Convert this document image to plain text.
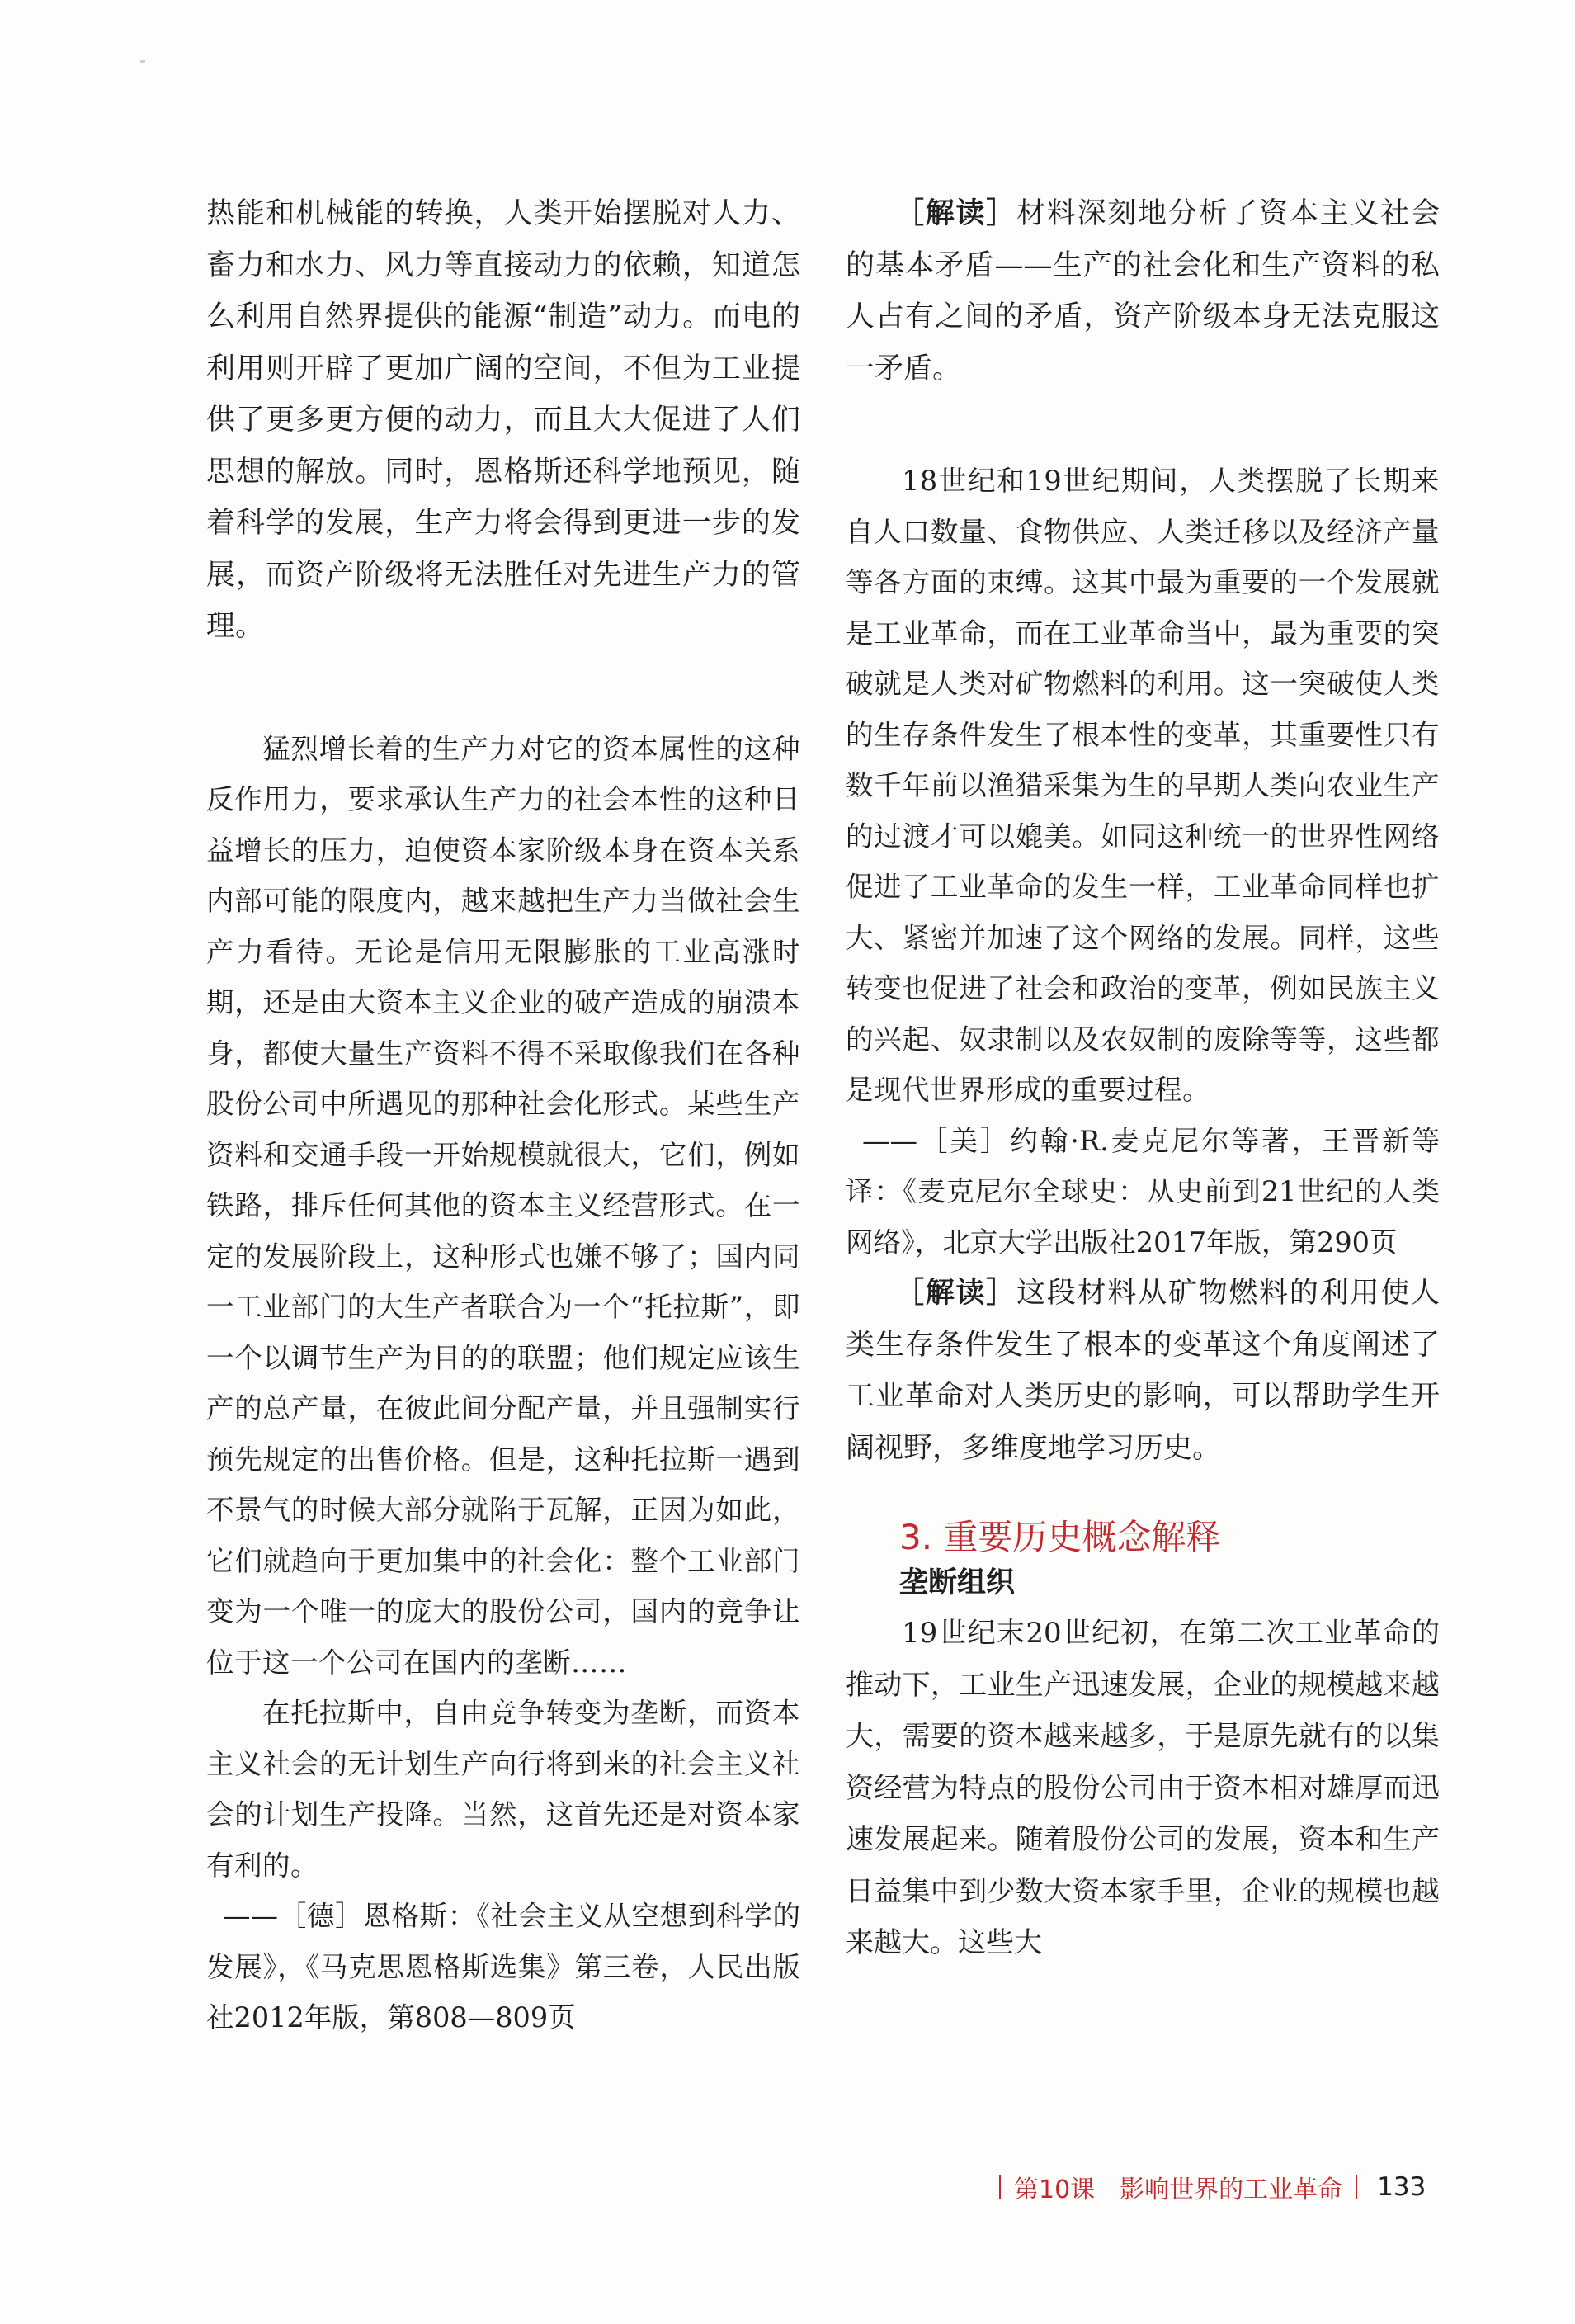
热能和机械能的转换，人类开始摆脱对人力、畜力和水力、风力等直接动力的依赖，知道怎么利用自然界提供的能源“制造”动力。而电的利用则开辟了更加广阔的空间，不但为工业提供了更多更方便的动力，而且大大促进了人们思想的解放。同时，恩格斯还科学地预见，随着科学的发展，生产力将会得到更进一步的发展，而资产阶级将无法胜任对先进生产力的管理。

猛烈增长着的生产力对它的资本属性的这种反作用力，要求承认生产力的社会本性的这种日益增长的压力，迫使资本家阶级本身在资本关系内部可能的限度内，越来越把生产力当做社会生产力看待。无论是信用无限膨胀的工业高涨时期，还是由大资本主义企业的破产造成的崩溃本身，都使大量生产资料不得不采取像我们在各种股份公司中所遇见的那种社会化形式。某些生产资料和交通手段一开始规模就很大，它们，例如铁路，排斥任何其他的资本主义经营形式。在一定的发展阶段上，这种形式也嫌不够了；国内同一工业部门的大生产者联合为一个“托拉斯”，即一个以调节生产为目的的联盟；他们规定应该生产的总产量，在彼此间分配产量，并且强制实行预先规定的出售价格。但是，这种托拉斯一遇到不景气的时候大部分就陷于瓦解，正因为如此，它们就趋向于更加集中的社会化：整个工业部门变为一个唯一的庞大的股份公司，国内的竞争让位于这一个公司在国内的垄断……

在托拉斯中，自由竞争转变为垄断，而资本主义社会的无计划生产向行将到来的社会主义社会的计划生产投降。当然，这首先还是对资本家有利的。

——［德］恩格斯：《社会主义从空想到科学的发展》，《马克思恩格斯选集》第三卷，人民出版社2012年版，第808—809页

［解读］材料深刻地分析了资本主义社会的基本矛盾——生产的社会化和生产资料的私人占有之间的矛盾，资产阶级本身无法克服这一矛盾。

18世纪和19世纪期间，人类摆脱了长期来自人口数量、食物供应、人类迁移以及经济产量等各方面的束缚。这其中最为重要的一个发展就是工业革命，而在工业革命当中，最为重要的突破就是人类对矿物燃料的利用。这一突破使人类的生存条件发生了根本性的变革，其重要性只有数千年前以渔猎采集为生的早期人类向农业生产的过渡才可以媲美。如同这种统一的世界性网络促进了工业革命的发生一样，工业革命同样也扩大、紧密并加速了这个网络的发展。同样，这些转变也促进了社会和政治的变革，例如民族主义的兴起、奴隶制以及农奴制的废除等等，这些都是现代世界形成的重要过程。

——［美］约翰·R.麦克尼尔等著，王晋新等译：《麦克尼尔全球史：从史前到21世纪的人类网络》，北京大学出版社2017年版，第290页

［解读］这段材料从矿物燃料的利用使人类生存条件发生了根本的变革这个角度阐述了工业革命对人类历史的影响，可以帮助学生开阔视野，多维度地学习历史。

3. 重要历史概念解释
垄断组织

19世纪末20世纪初，在第二次工业革命的推动下，工业生产迅速发展，企业的规模越来越大，需要的资本越来越多，于是原先就有的以集资经营为特点的股份公司由于资本相对雄厚而迅速发展起来。随着股份公司的发展，资本和生产日益集中到少数大资本家手里，企业的规模也越来越大。这些大

第10课　影响世界的工业革命 133
